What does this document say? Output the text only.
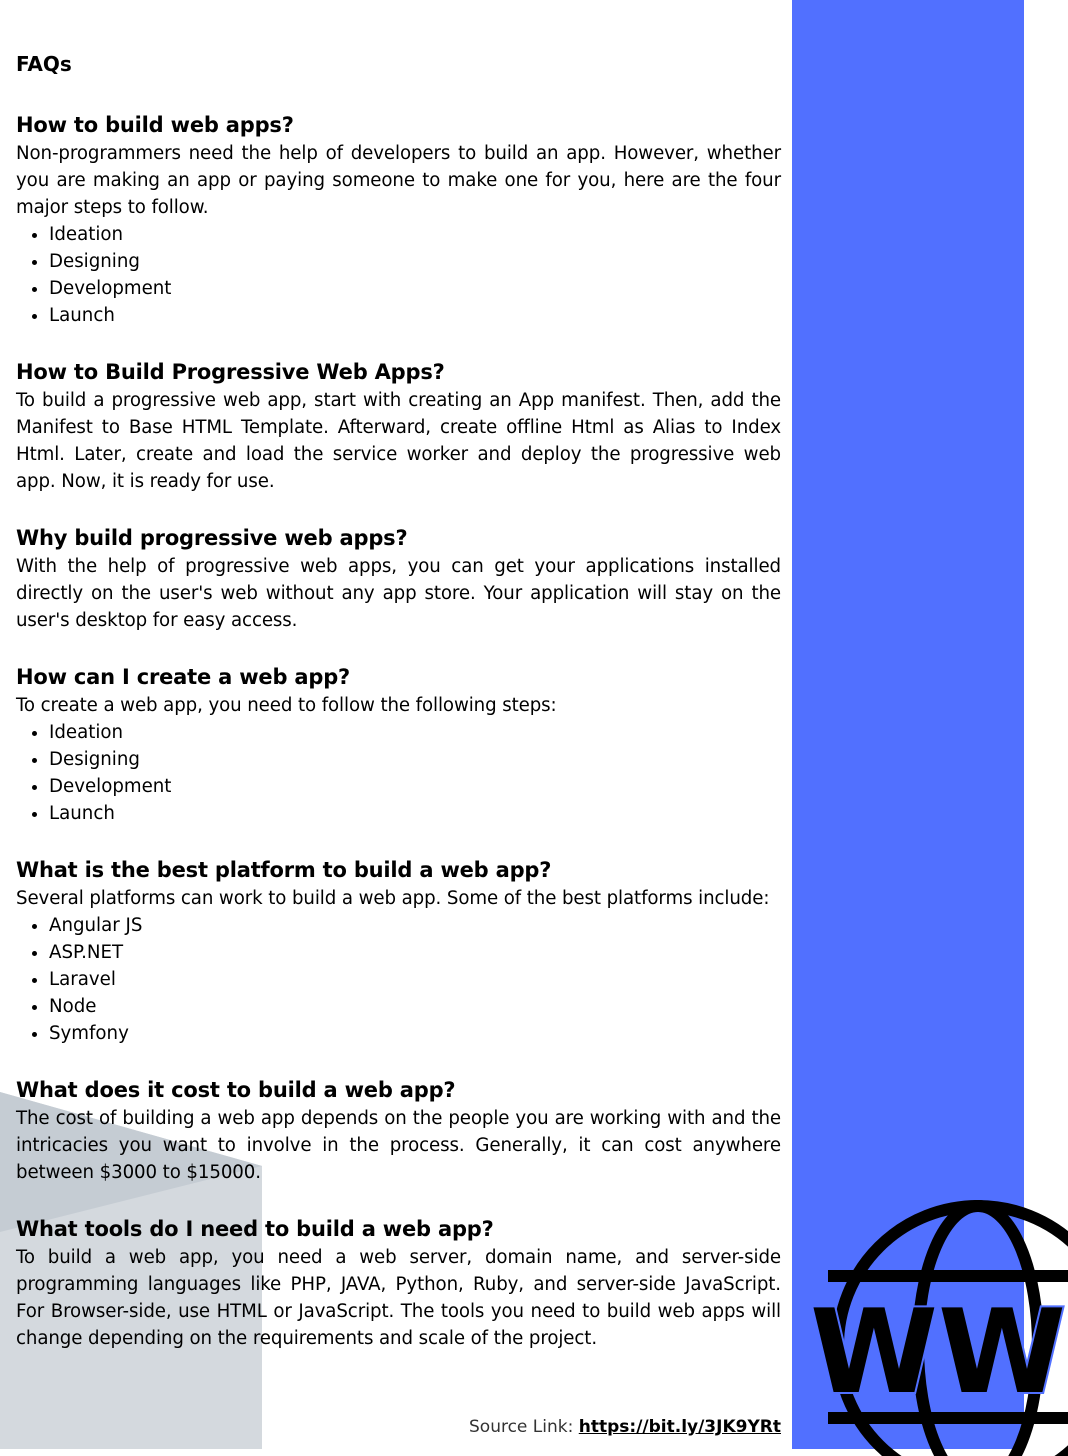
WW

FAQs

How to build web apps?

Non-programmers need the help of developers to build an app. However, whether you are making an app or paying someone to make one for you, here are the four major steps to follow.

• Ideation
• Designing
• Development
• Launch

How to Build Progressive Web Apps?

To build a progressive web app, start with creating an App manifest. Then, add the Manifest to Base HTML Template. Afterward, create offline Html as Alias to Index Html. Later, create and load the service worker and deploy the progressive web app. Now, it is ready for use.

Why build progressive web apps?

With the help of progressive web apps, you can get your applications installed directly on the user's web without any app store. Your application will stay on the user's desktop for easy access.

How can I create a web app?

To create a web app, you need to follow the following steps:

• Ideation
• Designing
• Development
• Launch

What is the best platform to build a web app?

Several platforms can work to build a web app. Some of the best platforms include:

• Angular JS
• ASP.NET
• Laravel
• Node
• Symfony

What does it cost to build a web app?

The cost of building a web app depends on the people you are working with and the intricacies you want to involve in the process. Generally, it can cost anywhere between $3000 to $15000.

What tools do I need to build a web app?

To build a web app, you need a web server, domain name, and server-side programming languages like PHP, JAVA, Python, Ruby, and server-side JavaScript. For Browser-side, use HTML or JavaScript. The tools you need to build web apps will change depending on the requirements and scale of the project.

Source Link: https://bit.ly/3JK9YRt
